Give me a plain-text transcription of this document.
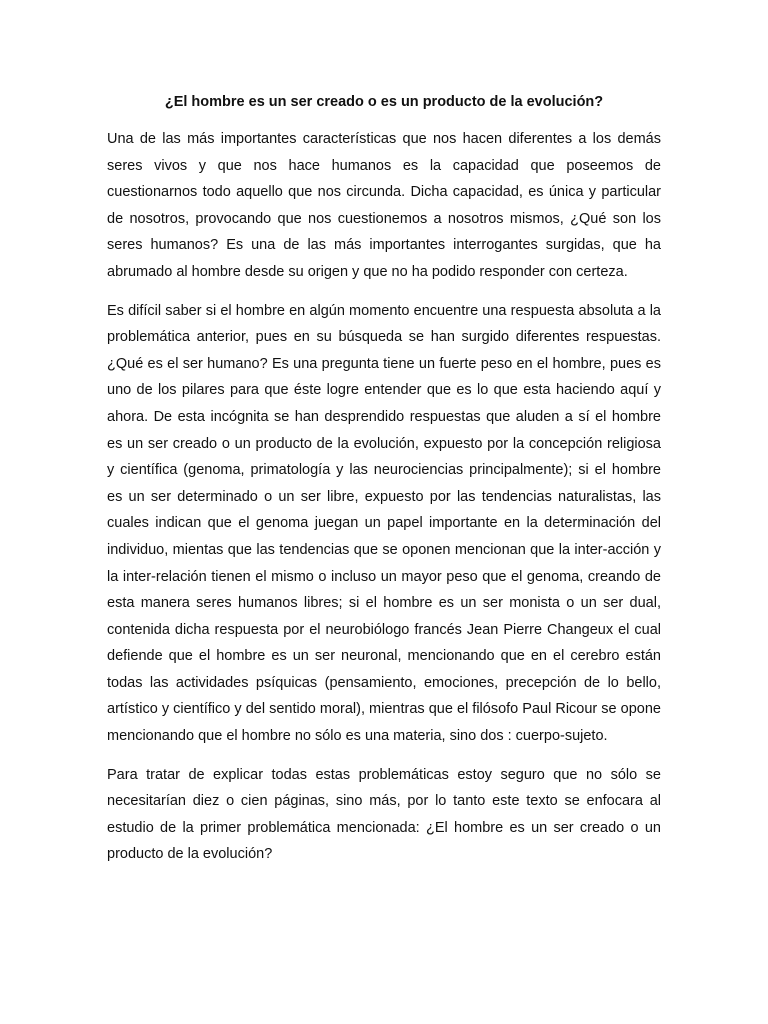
¿El hombre es un ser creado o es un producto de la evolución?

Una de las más importantes características que nos hacen diferentes a los demás seres vivos y que nos hace humanos es la capacidad que poseemos de cuestionarnos todo aquello que nos circunda. Dicha capacidad, es única y particular de nosotros, provocando que nos cuestionemos a nosotros mismos, ¿Qué son los seres humanos? Es una de las más importantes interrogantes surgidas, que ha abrumado al hombre desde su origen y que no ha podido responder con certeza.

Es difícil saber si el hombre en algún momento encuentre una respuesta absoluta a la problemática anterior, pues en su búsqueda se han surgido diferentes respuestas. ¿Qué es el ser humano? Es una pregunta tiene un fuerte peso en el hombre, pues es uno de los pilares para que éste logre entender que es lo que esta haciendo aquí y ahora. De esta incógnita se han desprendido respuestas que aluden a sí el hombre es un ser creado o un producto de la evolución, expuesto por la concepción religiosa y científica (genoma, primatología y las neurociencias principalmente); si el hombre es un ser determinado o un ser libre, expuesto por las tendencias naturalistas, las cuales indican que el genoma juegan un papel importante en la determinación del individuo, mientas que las tendencias que se oponen mencionan que la inter-acción y la inter-relación tienen el mismo o incluso un mayor peso que el genoma, creando de esta manera seres humanos libres; si el hombre es un ser monista o un ser dual, contenida dicha respuesta por el neurobiólogo francés Jean Pierre Changeux el cual defiende que el hombre es un ser neuronal, mencionando que en el cerebro están todas las actividades psíquicas (pensamiento, emociones, precepción de lo bello, artístico y científico y del sentido moral), mientras que el filósofo Paul Ricour se opone mencionando que el hombre no sólo es una materia, sino dos : cuerpo-sujeto.

Para tratar de explicar todas estas problemáticas estoy seguro que no sólo se necesitarían diez o cien páginas, sino más, por lo tanto este texto se enfocara al estudio de la primer problemática mencionada: ¿El hombre es un ser creado o un producto de la evolución?
